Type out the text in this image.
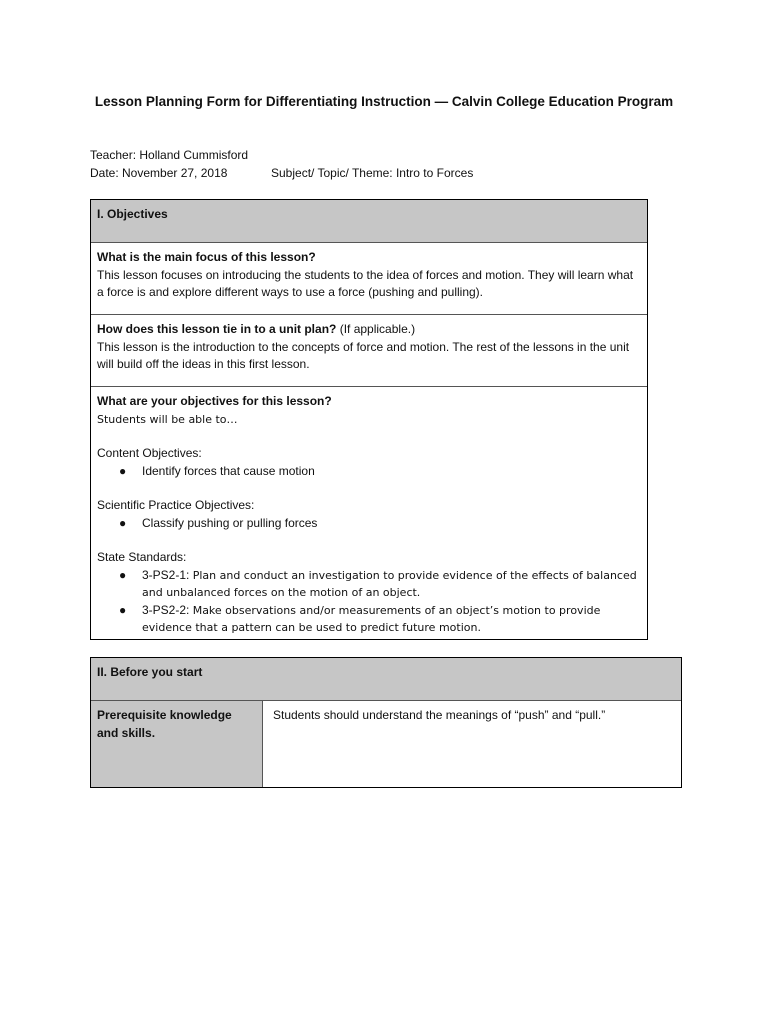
Lesson Planning Form for Differentiating Instruction — Calvin College Education Program
Teacher: Holland Cummisford
Date: November 27, 2018	Subject/ Topic/ Theme: Intro to Forces
I. Objectives
What is the main focus of this lesson?
This lesson focuses on introducing the students to the idea of forces and motion. They will learn what a force is and explore different ways to use a force (pushing and pulling).
How does this lesson tie in to a unit plan? (If applicable.)
This lesson is the introduction to the concepts of force and motion. The rest of the lessons in the unit will build off the ideas in this first lesson.
What are your objectives for this lesson?
Students will be able to…
Content Objectives:
● Identify forces that cause motion
Scientific Practice Objectives:
● Classify pushing or pulling forces
State Standards:
● 3-PS2-1: Plan and conduct an investigation to provide evidence of the effects of balanced and unbalanced forces on the motion of an object.
● 3-PS2-2: Make observations and/or measurements of an object’s motion to provide evidence that a pattern can be used to predict future motion.
II. Before you start
Prerequisite knowledge and skills.
Students should understand the meanings of “push” and “pull.”
